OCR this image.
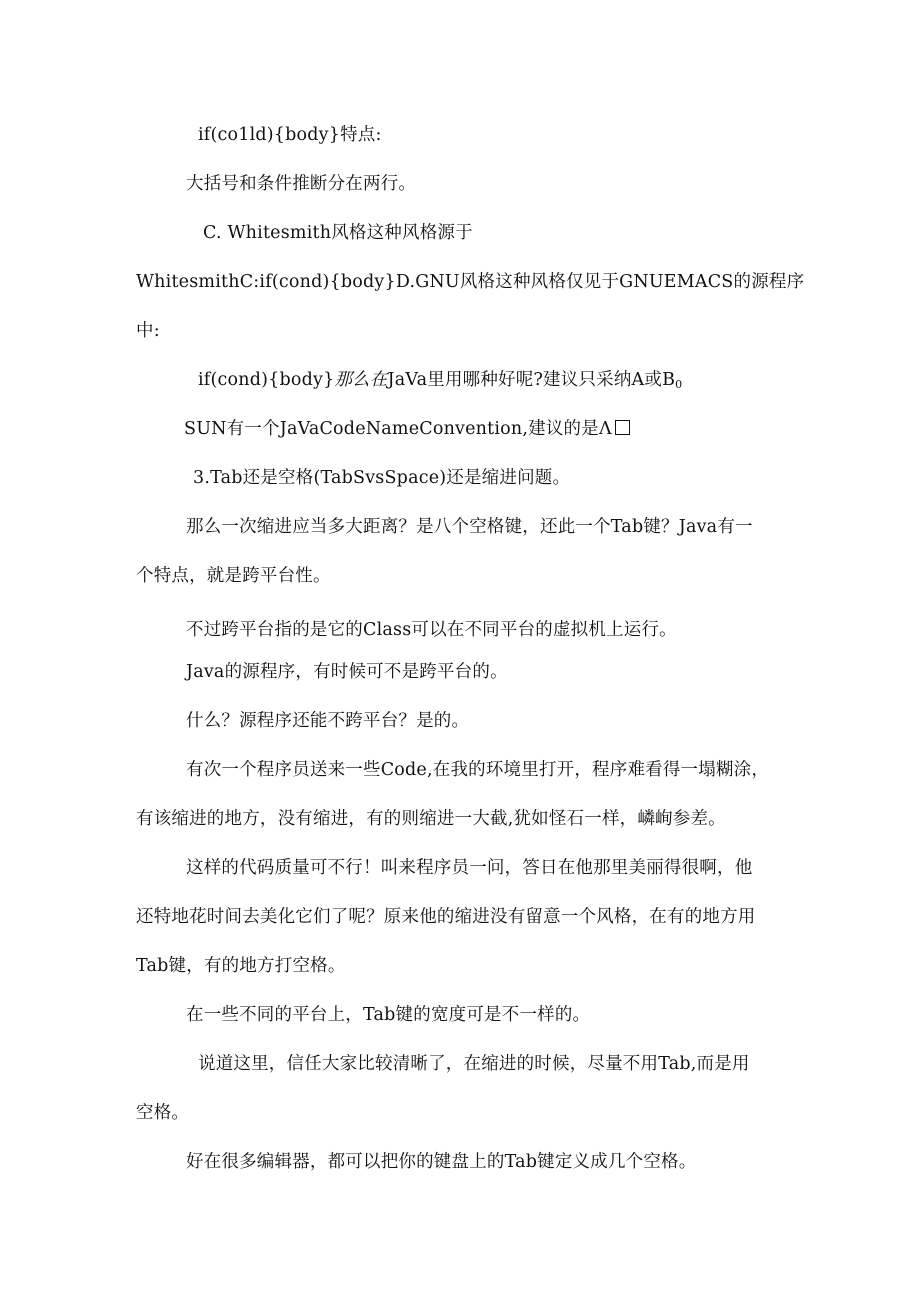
if(co1ld){body}特点:
大括号和条件推断分在两行。
C. Whitesmith风格这种风格源于
WhitesmithC:if(cond){body}D.GNU风格这种风格仅见于GNUEMACS的源程序
中:
if(cond){body}那么在JaVa里用哪种好呢?建议只采纳A或$B_0$
SUN有一个JaVaCodeNameConvention,建议的是Λ
3.Tab还是空格(TabSvsSpace)还是缩进问题。
那么一次缩进应当多大距离？是八个空格键，还此一个Tab键？Java有一
个特点，就是跨平台性。
不过跨平台指的是它的Class可以在不同平台的虚拟机上运行。
Java的源程序，有时候可不是跨平台的。
什么？源程序还能不跨平台？是的。
有次一个程序员送来一些Code,在我的环境里打开，程序难看得一塌糊涂，
有该缩进的地方，没有缩进，有的则缩进一大截,犹如怪石一样，嶙峋参差。
这样的代码质量可不行！叫来程序员一问，答日在他那里美丽得很啊，他
还特地花时间去美化它们了呢？原来他的缩进没有留意一个风格，在有的地方用
Tab键，有的地方打空格。
在一些不同的平台上，Tab键的宽度可是不一样的。
说道这里，信任大家比较清晰了，在缩进的时候，尽量不用Tab,而是用
空格。
好在很多编辑器，都可以把你的键盘上的Tab键定义成几个空格。
